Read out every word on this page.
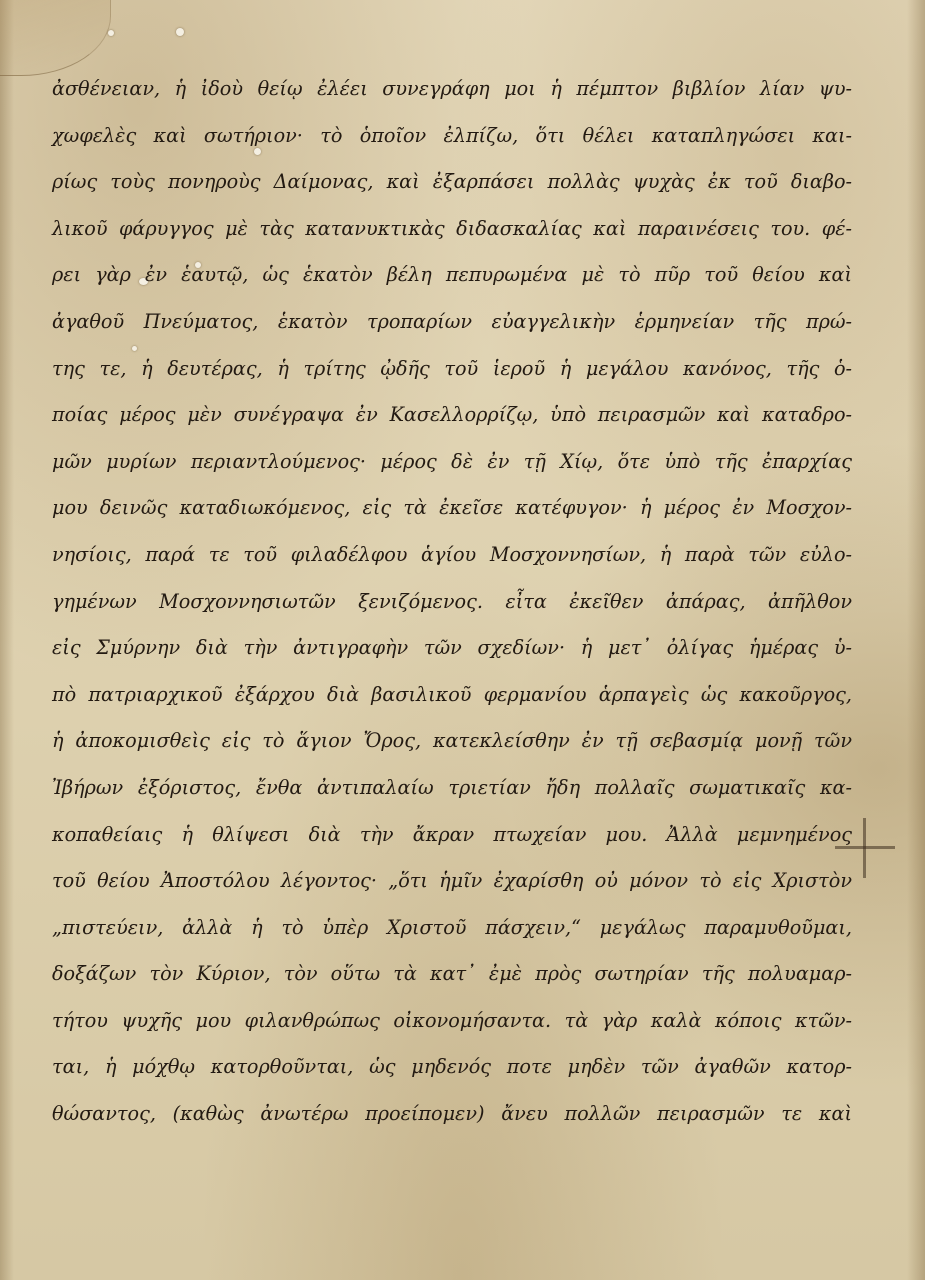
ἀσθένειαν, ἡ ἰδοὺ θείῳ ἐλέει συνεγράφη μοι ἡ πέμπτον βιβλίον λίαν ψυ-
χωφελὲς καὶ σωτήριον· τὸ ὁποῖον ἐλπίζω, ὅτι θέλει καταπληγώσει και-
ρίως τοὺς πονηροὺς Δαίμονας, καὶ ἐξαρπάσει πολλὰς ψυχὰς ἐκ τοῦ διαβο-
λικοῦ φάρυγγος μὲ τὰς κατανυκτικὰς διδασκαλίας καὶ παραινέσεις του. φέ-
ρει γὰρ ἐν ἑαυτῷ, ὡς ἑκατὸν βέλη πεπυρωμένα μὲ τὸ πῦρ τοῦ θείου καὶ
ἀγαθοῦ Πνεύματος, ἑκατὸν τροπαρίων εὐαγγελικὴν ἑρμηνείαν τῆς πρώ-
της τε, ἡ δευτέρας, ἡ τρίτης ᾠδῆς τοῦ ἱεροῦ ἡ μεγάλου κανόνος, τῆς ὁ-
ποίας μέρος μὲν συνέγραψα ἐν Κασελλορρίζῳ, ὑπὸ πειρασμῶν καὶ καταδρο-
μῶν μυρίων περιαντλούμενος· μέρος δὲ ἐν τῇ Χίῳ, ὅτε ὑπὸ τῆς ἐπαρχίας
μου δεινῶς καταδιωκόμενος, εἰς τὰ ἐκεῖσε κατέφυγον· ἡ μέρος ἐν Μοσχον-
νησίοις, παρά τε τοῦ φιλαδέλφου ἁγίου Μοσχοννησίων, ἡ παρὰ τῶν εὐλο-
γημένων Μοσχοννησιωτῶν ξενιζόμενος. εἶτα ἐκεῖθεν ἀπάρας, ἀπῆλθον
εἰς Σμύρνην διὰ τὴν ἀντιγραφὴν τῶν σχεδίων· ἡ μετ᾽ ὀλίγας ἡμέρας ὑ-
πὸ πατριαρχικοῦ ἐξάρχου διὰ βασιλικοῦ φερμανίου ἁρπαγεὶς ὡς κακοῦργος,
ἡ ἀποκομισθεὶς εἰς τὸ ἅγιον Ὄρος, κατεκλείσθην ἐν τῇ σεβασμίᾳ μονῇ τῶν
Ἰβήρων ἐξόριστος, ἔνθα ἀντιπαλαίω τριετίαν ἤδη πολλαῖς σωματικαῖς κα-
κοπαθείαις ἡ θλίψεσι διὰ τὴν ἄκραν πτωχείαν μου. Ἀλλὰ μεμνημένος
τοῦ θείου Ἀποστόλου λέγοντος· „ὅτι ἡμῖν ἐχαρίσθη οὐ μόνον τὸ εἰς Χριστὸν
„πιστεύειν, ἀλλὰ ἡ τὸ ὑπὲρ Χριστοῦ πάσχειν,“ μεγάλως παραμυθοῦμαι,
δοξάζων τὸν Κύριον, τὸν οὕτω τὰ κατ᾽ ἐμὲ πρὸς σωτηρίαν τῆς πολυαμαρ-
τήτου ψυχῆς μου φιλανθρώπως οἰκονομήσαντα. τὰ γὰρ καλὰ κόποις κτῶν-
ται, ἡ μόχθῳ κατορθοῦνται, ὡς μηδενός ποτε μηδὲν τῶν ἀγαθῶν κατορ-
θώσαντος, (καθὼς ἀνωτέρω προείπομεν) ἄνευ πολλῶν πειρασμῶν τε καὶ
